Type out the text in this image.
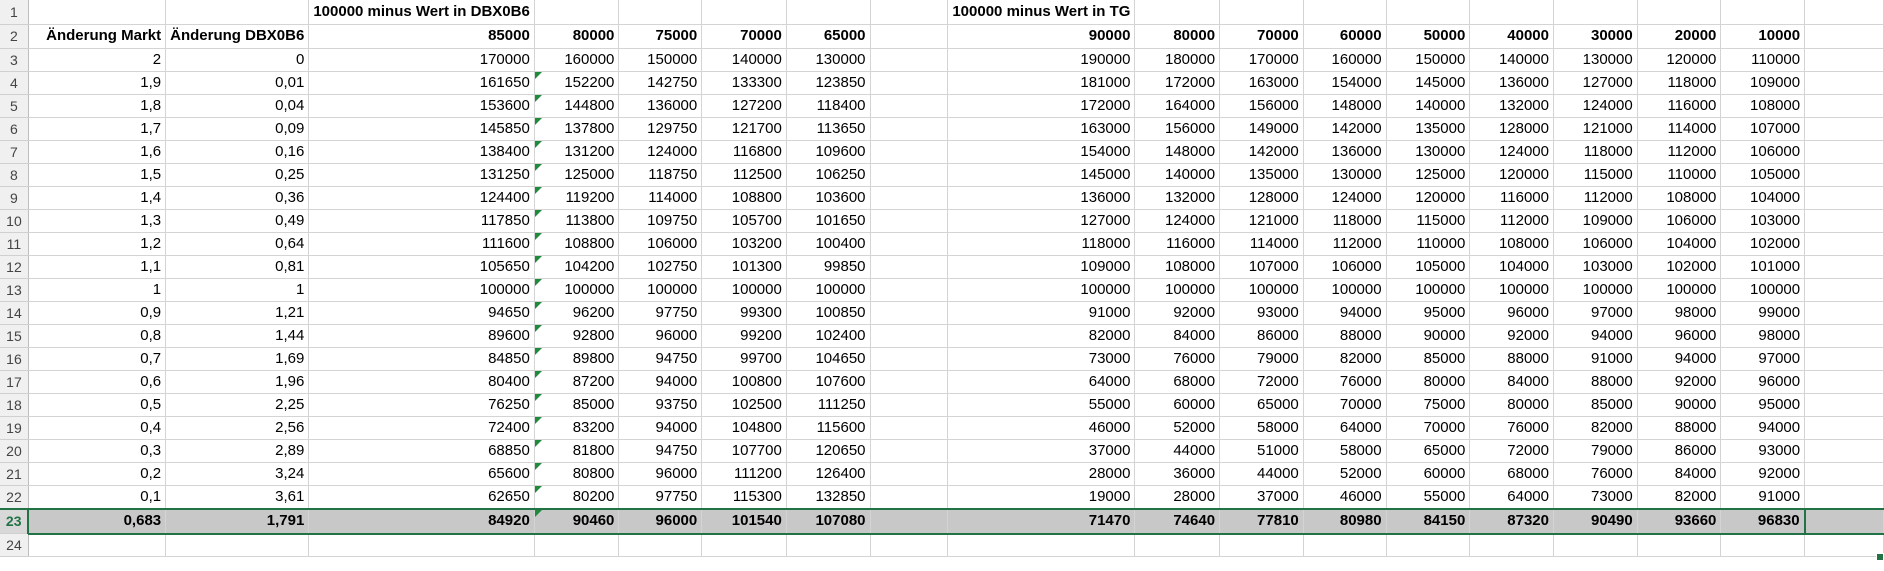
1			100000 minus Wert in DBX0B6						100000 minus Wert in TG									
2	Änderung Markt	Änderung DBX0B6	85000	80000	75000	70000	65000		90000	80000	70000	60000	50000	40000	30000	20000	10000	
3	2	0	170000	160000	150000	140000	130000		190000	180000	170000	160000	150000	140000	130000	120000	110000	
4	1,9	0,01	161650	152200	142750	133300	123850		181000	172000	163000	154000	145000	136000	127000	118000	109000	
5	1,8	0,04	153600	144800	136000	127200	118400		172000	164000	156000	148000	140000	132000	124000	116000	108000	
6	1,7	0,09	145850	137800	129750	121700	113650		163000	156000	149000	142000	135000	128000	121000	114000	107000	
7	1,6	0,16	138400	131200	124000	116800	109600		154000	148000	142000	136000	130000	124000	118000	112000	106000	
8	1,5	0,25	131250	125000	118750	112500	106250		145000	140000	135000	130000	125000	120000	115000	110000	105000	
9	1,4	0,36	124400	119200	114000	108800	103600		136000	132000	128000	124000	120000	116000	112000	108000	104000	
10	1,3	0,49	117850	113800	109750	105700	101650		127000	124000	121000	118000	115000	112000	109000	106000	103000	
11	1,2	0,64	111600	108800	106000	103200	100400		118000	116000	114000	112000	110000	108000	106000	104000	102000	
12	1,1	0,81	105650	104200	102750	101300	99850		109000	108000	107000	106000	105000	104000	103000	102000	101000	
13	1	1	100000	100000	100000	100000	100000		100000	100000	100000	100000	100000	100000	100000	100000	100000	
14	0,9	1,21	94650	96200	97750	99300	100850		91000	92000	93000	94000	95000	96000	97000	98000	99000	
15	0,8	1,44	89600	92800	96000	99200	102400		82000	84000	86000	88000	90000	92000	94000	96000	98000	
16	0,7	1,69	84850	89800	94750	99700	104650		73000	76000	79000	82000	85000	88000	91000	94000	97000	
17	0,6	1,96	80400	87200	94000	100800	107600		64000	68000	72000	76000	80000	84000	88000	92000	96000	
18	0,5	2,25	76250	85000	93750	102500	111250		55000	60000	65000	70000	75000	80000	85000	90000	95000	
19	0,4	2,56	72400	83200	94000	104800	115600		46000	52000	58000	64000	70000	76000	82000	88000	94000	
20	0,3	2,89	68850	81800	94750	107700	120650		37000	44000	51000	58000	65000	72000	79000	86000	93000	
21	0,2	3,24	65600	80800	96000	111200	126400		28000	36000	44000	52000	60000	68000	76000	84000	92000	
22	0,1	3,61	62650	80200	97750	115300	132850		19000	28000	37000	46000	55000	64000	73000	82000	91000	
23	0,683	1,791	84920	90460	96000	101540	107080		71470	74640	77810	80980	84150	87320	90490	93660	96830	
24																		
